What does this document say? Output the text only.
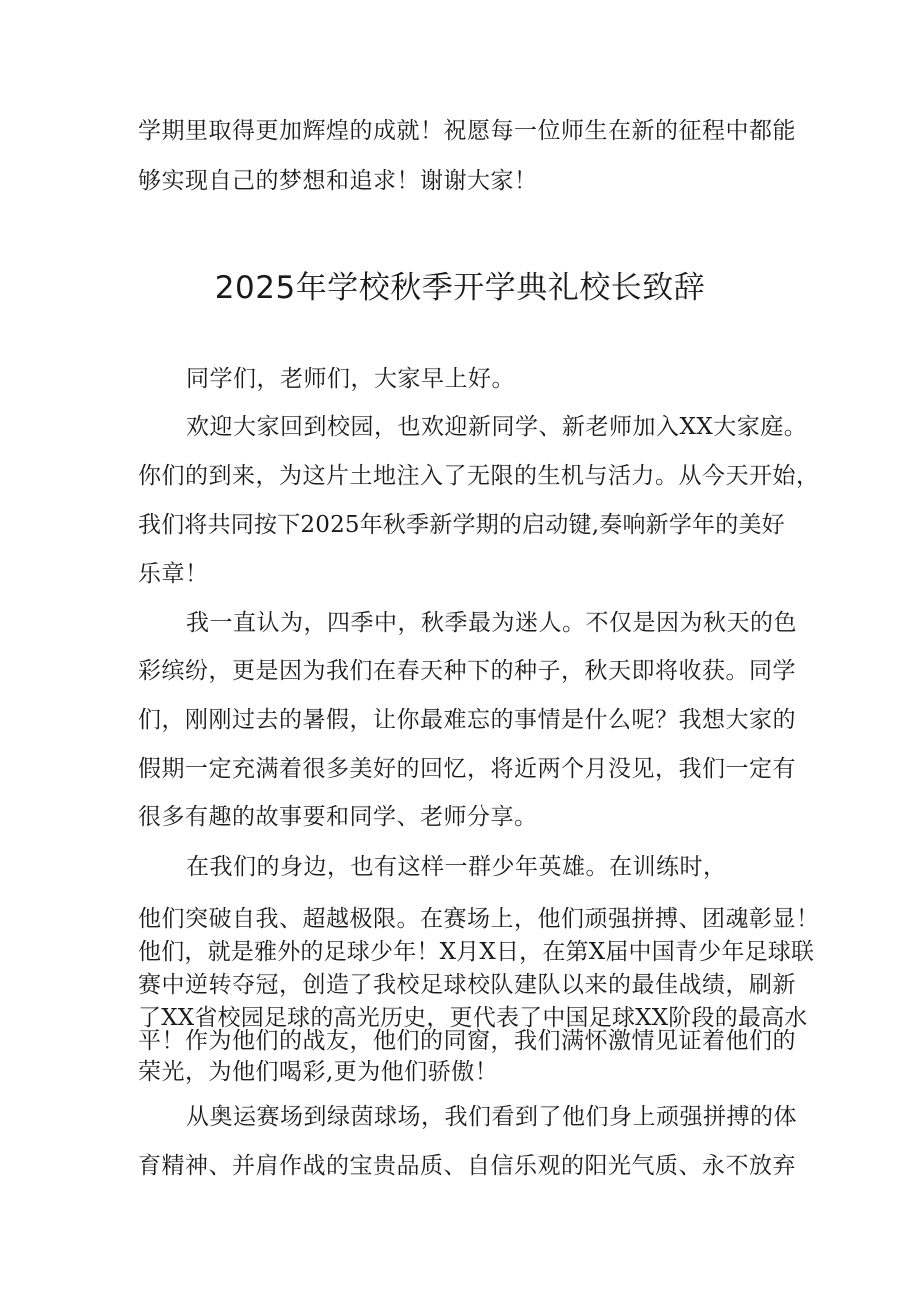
学期里取得更加辉煌的成就！祝愿每一位师生在新的征程中都能
够实现自己的梦想和追求！谢谢大家！
2025年学校秋季开学典礼校长致辞
同学们，老师们，大家早上好。
欢迎大家回到校园，也欢迎新同学、新老师加入XX大家庭。
你们的到来，为这片土地注入了无限的生机与活力。从今天开始，
我们将共同按下2025年秋季新学期的启动键,奏响新学年的美好
乐章！
我一直认为，四季中，秋季最为迷人。不仅是因为秋天的色
彩缤纷，更是因为我们在春天种下的种子，秋天即将收获。同学
们，刚刚过去的暑假，让你最难忘的事情是什么呢？我想大家的
假期一定充满着很多美好的回忆，将近两个月没见，我们一定有
很多有趣的故事要和同学、老师分享。
在我们的身边，也有这样一群少年英雄。在训练时，
他们突破自我、超越极限。在赛场上，他们顽强拼搏、团魂彰显！
他们，就是雅外的足球少年！X月X日，在第X届中国青少年足球联
赛中逆转夺冠，创造了我校足球校队建队以来的最佳战绩，刷新
了XX省校园足球的高光历史，更代表了中国足球XX阶段的最高水
平！作为他们的战友，他们的同窗，我们满怀激情见证着他们的
荣光，为他们喝彩,更为他们骄傲！
从奥运赛场到绿茵球场，我们看到了他们身上顽强拼搏的体
育精神、并肩作战的宝贵品质、自信乐观的阳光气质、永不放弃
